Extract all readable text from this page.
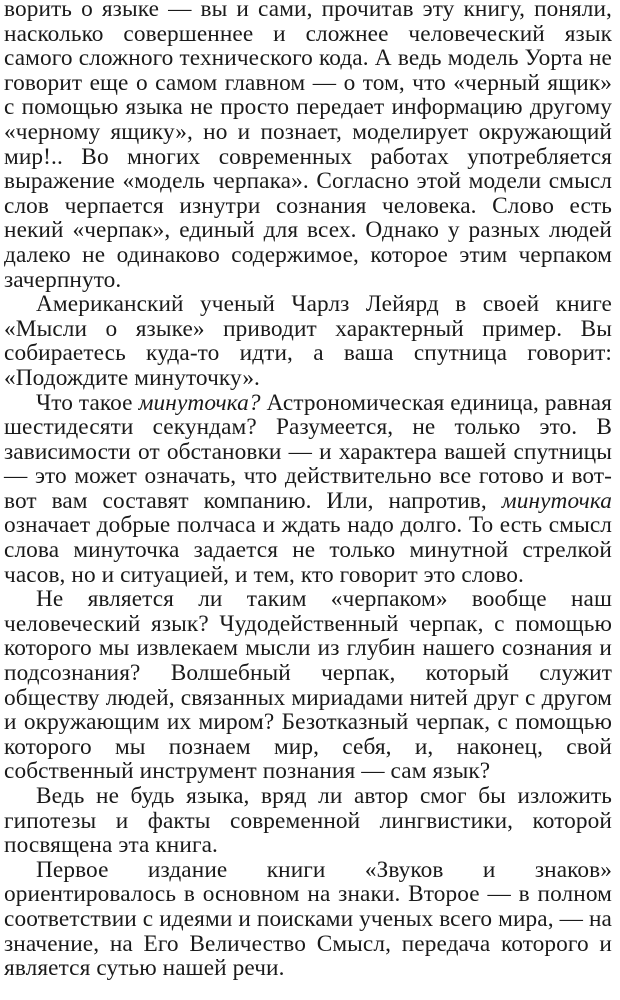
ворить о языке — вы и сами, прочитав эту книгу, поняли, насколько совершеннее и сложнее человеческий язык самого сложного технического кода. А ведь модель Уорта не говорит еще о самом главном — о том, что «черный ящик» с помощью языка не просто передает информацию другому «черному ящику», но и познает, моделирует окружающий мир!.. Во многих современных работах употребляется выражение «модель черпака». Согласно этой модели смысл слов черпается изнутри сознания человека. Слово есть некий «черпак», единый для всех. Однако у разных людей далеко не одинаково содержимое, которое этим черпаком зачерпнуто.

Американский ученый Чарлз Лейярд в своей книге «Мысли о языке» приводит характерный пример. Вы собираетесь куда-то идти, а ваша спутница говорит: «Подождите минуточку».

Что такое минуточка? Астрономическая единица, равная шестидесяти секундам? Разумеется, не только это. В зависимости от обстановки — и характера вашей спутницы — это может означать, что действительно все готово и вот-вот вам составят компанию. Или, напротив, минуточка означает добрые полчаса и ждать надо долго. То есть смысл слова минуточка задается не только минутной стрелкой часов, но и ситуацией, и тем, кто говорит это слово.

Не является ли таким «черпаком» вообще наш человеческий язык? Чудодейственный черпак, с помощью которого мы извлекаем мысли из глубин нашего сознания и подсознания? Волшебный черпак, который служит обществу людей, связанных мириадами нитей друг с другом и окружающим их миром? Безотказный черпак, с помощью которого мы познаем мир, себя, и, наконец, свой собственный инструмент познания — сам язык?

Ведь не будь языка, вряд ли автор смог бы изложить гипотезы и факты современной лингвистики, которой посвящена эта книга.

Первое издание книги «Звуков и знаков» ориентировалось в основном на знаки. Второе — в полном соответствии с идеями и поисками ученых всего мира, — на значение, на Его Величество Смысл, передача которого и является сутью нашей речи.
